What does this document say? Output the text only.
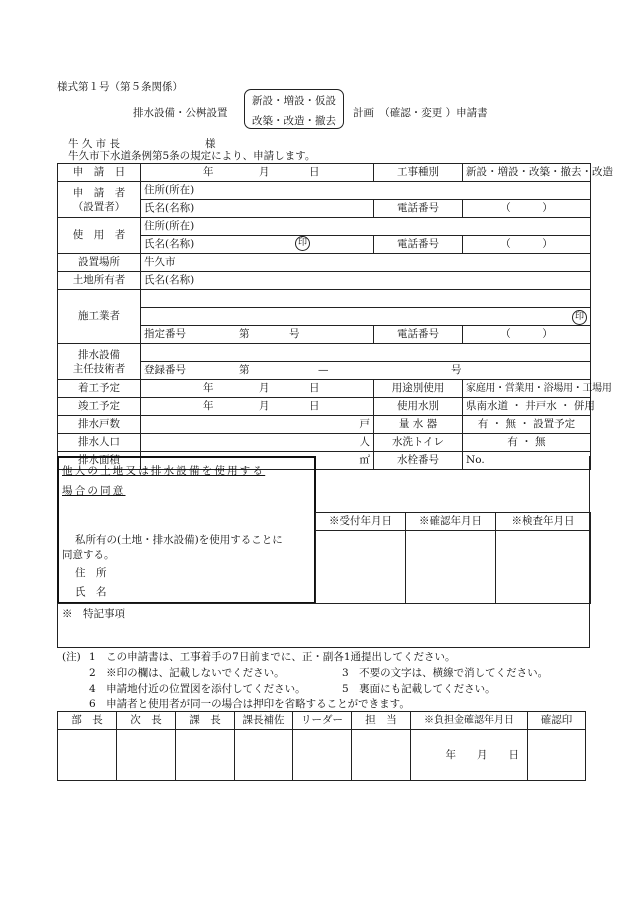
様式第１号（第５条関係）
排水設備・公桝設置
新設・増設・仮設
改築・改造・撤去
計画　（確認・変更 ）申請書
牛 久 市 長	様
牛久市下水道条例第5条の規定により、申請します。
申　請　日	年 月 日	工事種別	新設・増設・改築・撤去・改造
申　請　者
（設置者）	住所(所在)		
	氏名(名称)	電話番号	（　　　）
使　用　者	住所(所在)		
	氏名(名称) 印	電話番号	（　　　）
設置場所	牛久市		
土地所有者	氏名(名称)		
施工業者			
	印		
	指定番号 第 号	電話番号	（　　　）
排水設備
主任技術者			
	登録番号 第 — 号		

着工予定	年 月 日	用途別使用	家庭用・営業用・浴場用・工場用
竣工予定	年 月 日	使用水別	県南水道 ・ 井戸水 ・ 併用
排水戸数	戸	量 水 器	有 ・ 無 ・ 設置予定
排水人口	人	水洗トイレ	有 ・ 無
排水面積	㎡	水栓番号	No.
他人の土地又は排水設備を使用する
場合の同意
私所有の(土地・排水設備)を使用することに
同意する。
住　所
氏　名
※受付年月日	※確認年月日	※検査年月日

※　特記事項
(注) 1　この申請書は、工事着手の7日前までに、正・副各1通提出してください。
2　※印の欄は、記載しないでください。	3　不要の文字は、横線で消してください。
4　申請地付近の位置図を添付してください。	5　裏面にも記載してください。
6　申請者と使用者が同一の場合は押印を省略することができます。
部　長	次　長	課　長	課長補佐	リーダー	担　当	※負担金確認年月日	確認印
						年　　月　　日	
